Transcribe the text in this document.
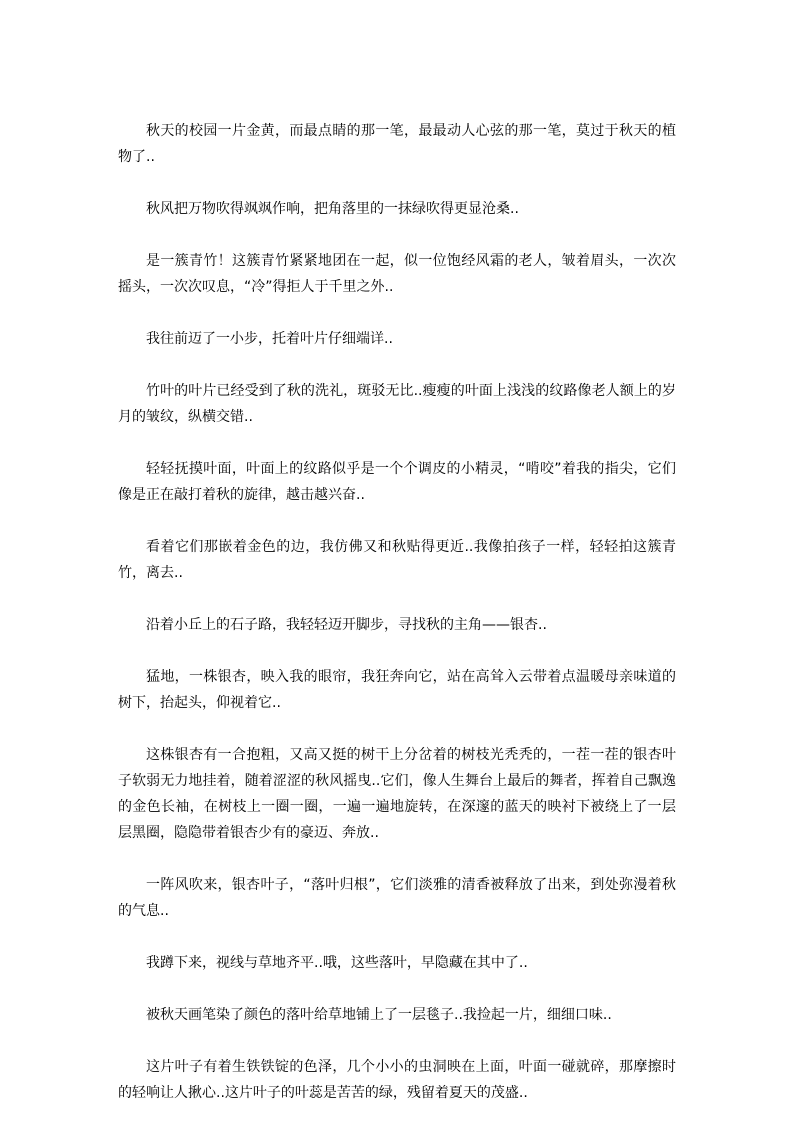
秋天的校园一片金黄，而最点睛的那一笔，最最动人心弦的那一笔，莫过于秋天的植物了..

秋风把万物吹得飒飒作响，把角落里的一抹绿吹得更显沧桑..

是一簇青竹！这簇青竹紧紧地团在一起，似一位饱经风霜的老人，皱着眉头，一次次摇头，一次次叹息，“冷”得拒人于千里之外..

我往前迈了一小步，托着叶片仔细端详..

竹叶的叶片已经受到了秋的洗礼，斑驳无比..瘦瘦的叶面上浅浅的纹路像老人额上的岁月的皱纹，纵横交错..

轻轻抚摸叶面，叶面上的纹路似乎是一个个调皮的小精灵，“啃咬”着我的指尖，它们像是正在敲打着秋的旋律，越击越兴奋..

看着它们那嵌着金色的边，我仿佛又和秋贴得更近..我像拍孩子一样，轻轻拍这簇青竹，离去..

沿着小丘上的石子路，我轻轻迈开脚步，寻找秋的主角——银杏..

猛地，一株银杏，映入我的眼帘，我狂奔向它，站在高耸入云带着点温暖母亲味道的树下，抬起头，仰视着它..

这株银杏有一合抱粗，又高又挺的树干上分岔着的树枝光秃秃的，一茬一茬的银杏叶子软弱无力地挂着，随着涩涩的秋风摇曳..它们，像人生舞台上最后的舞者，挥着自己飘逸的金色长袖，在树枝上一圈一圈，一遍一遍地旋转，在深邃的蓝天的映衬下被绕上了一层层黑圈，隐隐带着银杏少有的豪迈、奔放..

一阵风吹来，银杏叶子，“落叶归根”，它们淡雅的清香被释放了出来，到处弥漫着秋的气息..

我蹲下来，视线与草地齐平..哦，这些落叶，早隐藏在其中了..

被秋天画笔染了颜色的落叶给草地铺上了一层毯子..我捡起一片，细细口味..

这片叶子有着生铁铁锭的色泽，几个小小的虫洞映在上面，叶面一碰就碎，那摩擦时的轻响让人揪心..这片叶子的叶蕊是苦苦的绿，残留着夏天的茂盛..
